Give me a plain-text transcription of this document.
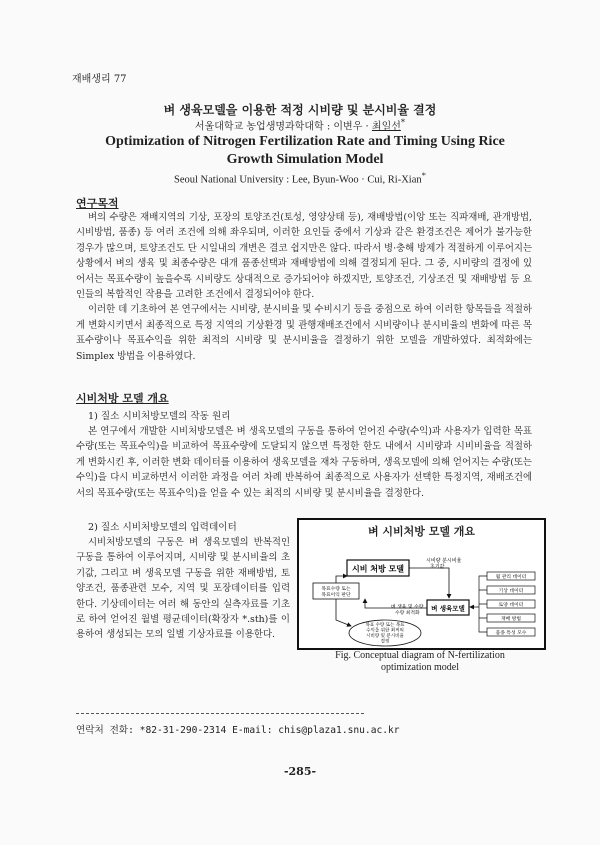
재배생리 77
벼 생육모델을 이용한 적정 시비량 및 분시비율 결정
서울대학교 농업생명과학대학 : 이변우 · 최일선*
Optimization of Nitrogen Fertilization Rate and Timing Using Rice
Growth Simulation Model
Seoul National University : Lee, Byun-Woo · Cui, Ri-Xian*
연구목적

벼의 수량은 재배지역의 기상, 포장의 토양조건(토성, 영양상태 등), 재배방법(이앙 또는 직파재배, 관개방법, 시비방법, 품종) 등 여러 조건에 의해 좌우되며, 이러한 요인들 중에서 기상과 같은 환경조건은 제어가 불가능한 경우가 많으며, 토양조건도 단 시일내의 개변은 결코 쉽지만은 않다. 따라서 병·충해 방제가 적절하게 이루어지는 상황에서 벼의 생육 및 최종수량은 대개 품종선택과 재배방법에 의해 결정되게 된다. 그 중, 시비량의 결정에 있어서는 목표수량이 높을수록 시비량도 상대적으로 증가되어야 하겠지만, 토양조건, 기상조건 및 재배방법 등 요인들의 복합적인 작용을 고려한 조건에서 결정되어야 한다.

이러한 데 기초하여 본 연구에서는 시비량, 분시비율 및 수비시기 등을 중점으로 하여 이러한 항목들을 적절하게 변화시키면서 최종적으로 특정 지역의 기상환경 및 관행재배조건에서 시비량이나 분시비율의 변화에 따른 목표수량이나 목표수익을 위한 최적의 시비량 및 분시비율을 결정하기 위한 모델을 개발하였다. 최적화에는 Simplex 방법을 이용하였다.

시비처방 모델 개요
1) 질소 시비처방모델의 작동 원리

본 연구에서 개발한 시비처방모델은 벼 생육모델의 구동을 통하여 얻어진 수량(수익)과 사용자가 입력한 목표수량(또는 목표수익)을 비교하여 목표수량에 도달되지 않으면 특정한 한도 내에서 시비량과 시비비율을 적절하게 변화시킨 후, 이러한 변화 데이터를 이용하여 생육모델을 재차 구동하며, 생육모델에 의해 얻어지는 수량(또는 수익)을 다시 비교하면서 이러한 과정을 여러 차례 반복하여 최종적으로 사용자가 선택한 특정지역, 재배조건에서의 목표수량(또는 목표수익)을 얻을 수 있는 최적의 시비량 및 분시비율을 결정한다.

2) 질소 시비처방모델의 입력데이터

시비처방모델의 구동은 벼 생육모델의 반복적인 구동을 통하여 이루어지며, 시비량 및 분시비율의 초기값, 그리고 벼 생육모델 구동을 위한 재배방법, 토양조건, 품종관련 모수, 지역 및 포장데이터를 입력한다. 기상데이터는 여러 해 동안의 실측자료를 기초로 하여 얻어진 월별 평균데이터(확장자 *.sth)를 이용하여 생성되는 모의 일별 기상자료를 이용한다.

벼 시비처방 모델 개요
시비 처방 모델
시비량 분시비율
초기값
목표수량 또는
목표이익 판단
벼 생육 및 수량
수량 최적화
벼 생육모델
목표 수량 또는 목표
수익을 위한 최적의
시비량 및 분시비율
결정
월 관리 데이터
기상 데이터
토양 데이터
재배 방법
품종 특성 모수
Fig. Conceptual diagram of N-fertilization
optimization model
연락처 전화: *82-31-290-2314 E-mail: chis@plaza1.snu.ac.kr
-285-
